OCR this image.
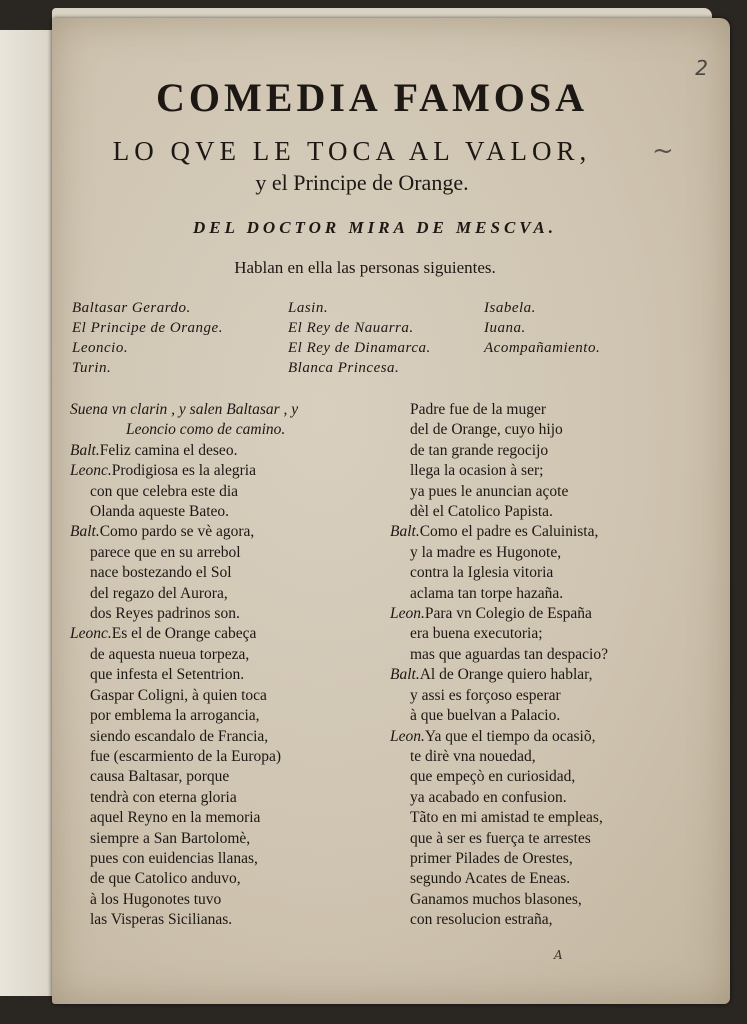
2
COMEDIA FAMOSA
LO QVE LE TOCA AL VALOR,	~
y el Principe de Orange.
DEL DOCTOR MIRA DE MESCVA.
Hablan en ella las personas siguientes.
Baltasar Gerardo.
El Principe de Orange.
Leoncio.
Turin.
Lasin.
El Rey de Nauarra.
El Rey de Dinamarca.
Blanca Princesa.
Isabela.
Iuana.
Acompañamiento.
Suena vn clarin , y salen Baltasar , y
Leoncio como de camino.
Balt.Feliz camina el deseo.
Leonc.Prodigiosa es la alegria
con que celebra este dia
Olanda aqueste Bateo.
Balt.Como pardo se vè agora,
parece que en su arrebol
nace bostezando el Sol
del regazo del Aurora,
dos Reyes padrinos son.
Leonc.Es el de Orange cabeça
de aquesta nueua torpeza,
que infesta el Setentrion.
Gaspar Coligni, à quien toca
por emblema la arrogancia,
siendo escandalo de Francia,
fue (escarmiento de la Europa)
causa Baltasar, porque
tendrà con eterna gloria
aquel Reyno en la memoria
siempre a San Bartolomè,
pues con euidencias llanas,
de que Catolico anduvo,
à los Hugonotes tuvo
las Visperas Sicilianas.
Padre fue de la muger
del de Orange, cuyo hijo
de tan grande regocijo
llega la ocasion à ser;
ya pues le anuncian açote
dèl el Catolico Papista.
Balt.Como el padre es Caluinista,
y la madre es Hugonote,
contra la Iglesia vitoria
aclama tan torpe hazaña.
Leon.Para vn Colegio de España
era buena executoria;
mas que aguardas tan despacio?
Balt.Al de Orange quiero hablar,
y assi es forçoso esperar
à que buelvan a Palacio.
Leon.Ya que el tiempo da ocasiõ,
te dirè vna nouedad,
que empeçò en curiosidad,
ya acabado en confusion.
Tãto en mi amistad te empleas,
que à ser es fuerça te arrestes
primer Pilades de Orestes,
segundo Acates de Eneas.
Ganamos muchos blasones,
con resolucion estraña,
A
